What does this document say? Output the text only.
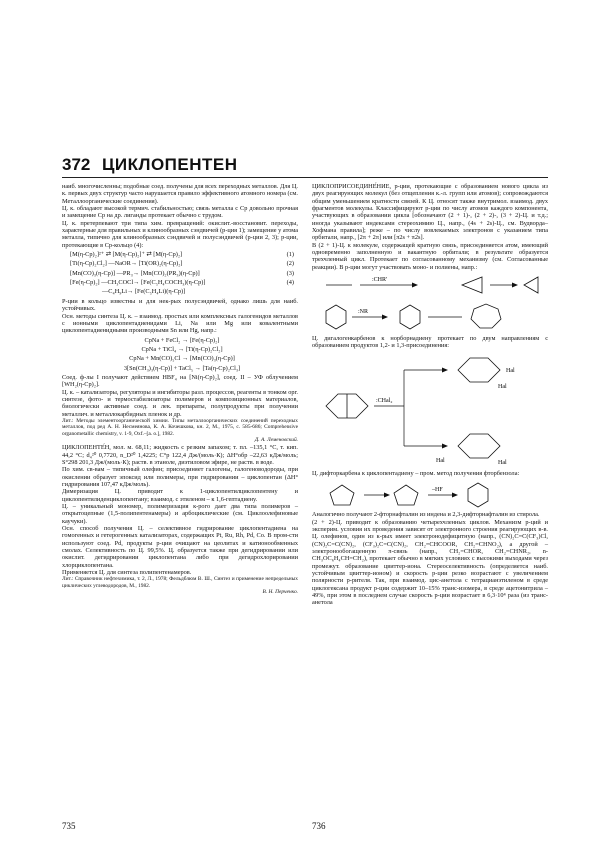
372 ЦИКЛОПЕНТЕН

наиб. многочисленны; подобные соед. получены для всех переходных металлов. Для Ц. к. первых двух структур часто нарушается правило эффективного атомного номера (см. Металлоорганические соединения).

Ц. к. обладают высокой термич. стабильностью; связь металла с Cp довольно прочная и замещение Cp на др. лиганды протекает обычно с трудом.

Ц. к. претерпевают три типа хим. превращений: окислит.-восстановит. переходы, характерные для правильных и клинообразных сэндвичей (р-ция 1); замещение у атома металла, типично для клинообразных сэндвичей и полусэндвичей (р-ции 2, 3); р-ции, протекающие в Cp-кольцо (4):

[M(η-Cp)₂]²⁺ ⇄ [M(η-Cp)₂]⁺ ⇄ [M(η-Cp)₂]	(1)
[Ti(η-Cp)₂Cl₂] —NaOR→ [Ti(OR)₂(η-Cp)₂]	(2)
[Mn(CO)₃(η-Cp)] —PR₃→ [Mn(CO)₂(PR₃)(η-Cp)]	(3)
[Fe(η-Cp)₂] —CH₃COCl→ [Fe(C₅H₄COCH₃)(η-Cp)]	(4)
—C₄H₉Li→ [Fe(C₅H₄Li)(η-Cp)]

Р-ции в кольцо известны и для нек-рых полусэндвичей, однако лишь для наиб. устойчивых.

Осн. методы синтеза Ц. к. – взаимод. простых или комплексных галогенидов металлов с ионными циклопентадиенидами Li, Na или Mg или ковалентными циклопентадиенидными производными Sn или Hg, напр.:

CpNa + FeCl₂ → [Fe(η-Cp)₂]
CpNa + TiCl₄ → [Ti(η-Cp)₂Cl₂]
CpNa + Mn(CO)₅Cl → [Mn(CO)₃(η-Cp)]
3[Sn(CH₃)₃(η-Cp)] + TaCl₅ → [Ta(η-Cp)₂Cl₃]

Соед. ф-лы I получают действием HBF₄ на [Ni(η-Cp)₂], соед. II – УФ облучением [WH₂(η-Cp)₂].

Ц. к. – катализаторы, регуляторы и ингибиторы разл. процессов, реагенты в тонком орг. синтезе, фото- и термостабилизаторы полимеров и композиционных материалов, биологически активные соед. и лек. препараты, полупродукты при получении металлич. и металлокарбидных пленок и др.

Лит.: Методы элементоорганической химии. Типы металлоорганических соединений переходных металлов, под ред А. Н. Несмеянова, К. А. Кочешкова, кн. 2, М., 1975, с. 585-686; Comprehensive organometallic chemistry, v. 1-9, Oxf.–[a. o.], 1982.

Д. А. Леменовский.

ЦИКЛОПЕНТЕ́Н, мол. м. 68,11; жидкость с резким запахом; т. пл. –135,1 °C, т. кип. 44,2 °C; d₄²⁰ 0,7720, n_D²⁰ 1,4225; C°p 122,4 Дж/(моль·К); ΔH°обр –22,63 кДж/моль; S°298 201,3 Дж/(моль·К); раств. в этаноле, диэтиловом эфире, не раств. в воде.

По хим. св-вам – типичный олефин; присоединяет галогены, галогеноводороды, при окислении образует эпоксид или полимеры, при гидрировании – циклопентан (ΔH° гидрирования 107,47 кДж/моль).

Димеризация Ц. приводит к 1-циклопентилциклопентену и циклопентилиденциклопентану; взаимод. с этиленом – к 1,6-гептадиену.

Ц. – уникальный мономер, полимеризация к-рого дает два типа полимеров – открытоцепные (1,5-полипентенамеры) и арбоциклические (см. Циклоолефиновые каучуки).

Осн. способ получения Ц. – селективное гидрирование циклопентадиена на гомогенных и гетерогенных катализаторах, содержащих Pt, Ru, Rh, Pd, Co. В пром-сти используют соед. Pd, продукты р-ции очищают на цеолитах и катионообменных смолах. Селективность по Ц. 99,5%. Ц. образуется также при дегидрировании или окислит. дегидрировании циклопентана либо при дегидрохлорировании хлорциклопентана.

Применяется Ц. для синтеза полипентенамеров.

Лит.: Справочник нефтехимика, т. 2, Л., 1978; Фельдблюм В. Ш., Синтез и применение непредельных циклических углеводородов, М., 1982.

В. Н. Перченко.

ЦИКЛОПРИСОЕДИНЕ́НИЕ, р-ции, протекающие с образованием нового цикла из двух реагирующих молекул (без отщепления к.-л. групп или атомов); сопровождаются общим уменьшением кратности связей. К Ц. относят также внутримол. взаимод. двух фрагментов молекулы. Классифицируют р-ции по числу атомов каждого компонента, участвующих в образовании цикла [обозначают (2 + 1)-, (2 + 2)-, (3 + 2)-Ц. и т.д.; иногда указывают индексами стереохимию Ц., напр., (4s + 2s)-Ц., см. Вудворда–Хофмана правила]; реже – по числу вовлекаемых электронов с указанием типа орбитали, напр., [2π + 2π] или [π2s + π2s].

В (2 + 1)-Ц. к молекуле, содержащей кратную связь, присоединяется атом, имеющий одновременно заполненную и вакантную орбитали; в результате образуется трехчленный цикл. Протекает по согласованному механизму (см. Согласованные реакции). В р-ции могут участвовать моно- и полиены, напр.:

:CHR'
:NR

Ц. дигалогенкарбенов к норборнадиену протекает по двум направлениям с образованием продуктов 1,2- и 1,3-присоединения:

:CHal₂
Hal
Hal
Hal	Hal

Ц. дифторкарбена к циклопентадиену – пром. метод получения фторбензола:

–HF

Аналогично получают 2-фторнафталин из индена и 2,3-дифторнафталин из стирола.

(2 + 2)-Ц. приводит к образованию четырехчленных циклов. Механизм р-ций и эксперим. условия их проведения зависят от электронного строения реагирующих в-в. Ц. олефинов, один из к-рых имеет электронодефицитную (напр., (CN)₂C=C(CF₃)Cl, (CN)₂C=C(CN)₂, (CF₃)₂C=C(CN)₂, CH₂=CHCOOR, CH₂=CHNO₂), а другой – электронообогащенную π-связь (напр., CH₂=CHOR, CH₂=CHNR₂, n-CH₃OC₆H₄CH=CH₂), протекает обычно в мягких условиях с высокими выходами через промежут. образование цвиттер-иона. Стереоселективность (определяется наиб. устойчивым цвиттер-ионом) и скорость р-ции резко возрастают с увеличением полярности р-рителя. Так, при взаимод. цис-анетола с тетрацианэтиленом в среде циклогексана продукт р-ции содержит 10–15% транс-изомера, в среде ацетонитрила – 49%, при этом в последнем случае скорость р-ции возрастает в 6,3·10⁴ раза (из транс-анетола

735	736
